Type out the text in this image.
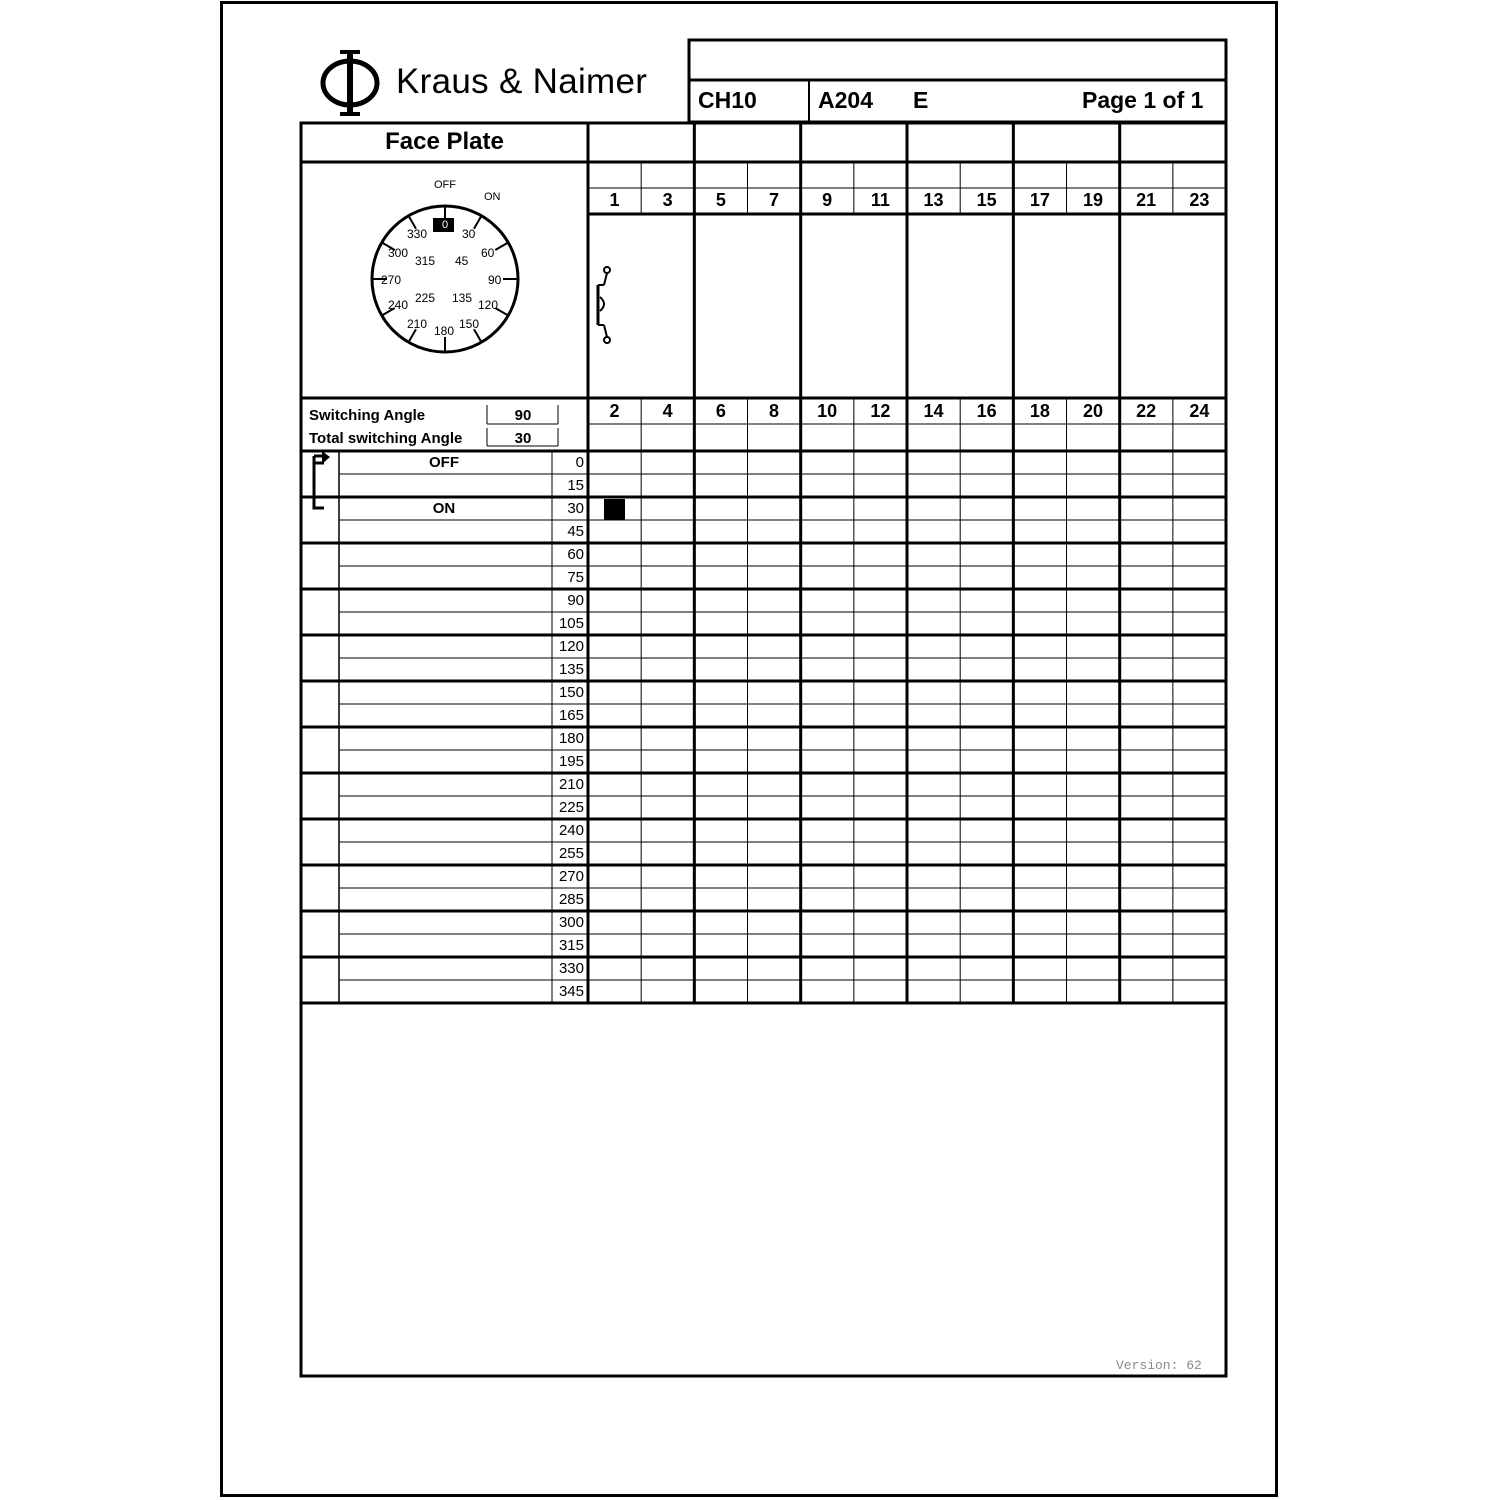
Kraus & Naimer CH10	A204 E	Page 1 of 1
Face Plate
OFF
ON
0
30
60
90
120
150
180
210
240
270
300
330
45
135
225
315
Switching Angle	90
Total switching Angle	30
1	3	5	7	9	11	13	15	17	19	21	23
2	4	6	8	10	12	14	16	18	20	22	24
OFF	0
15
ON	30
45
60
75
90
105
120
135
150
165
180
195
210
225
240
255
270
285
300
315
330
345
Version: 62
